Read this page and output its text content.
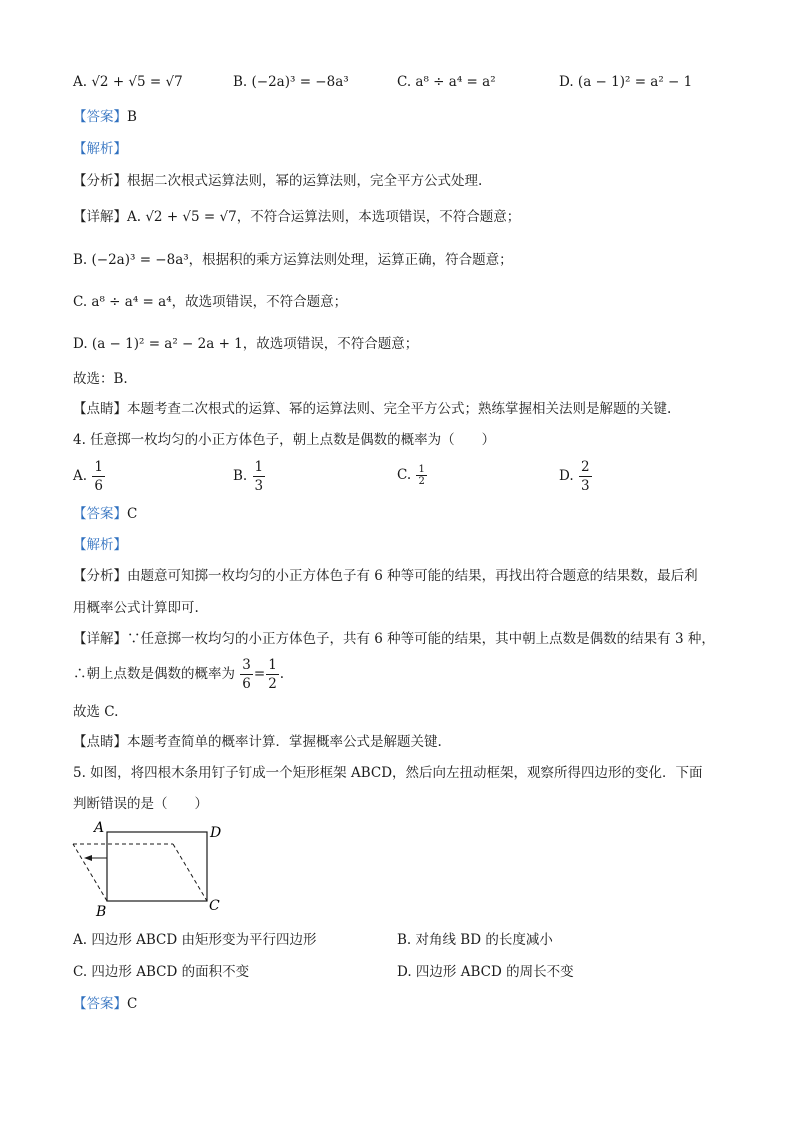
A. √2 + √5 = √7	B. (−2a)³ = −8a³	C. a⁸ ÷ a⁴ = a²	D. (a − 1)² = a² − 1
【答案】B
【解析】
【分析】根据二次根式运算法则，幂的运算法则，完全平方公式处理.
【详解】A. √2 + √5 = √7，不符合运算法则，本选项错误，不符合题意；
B. (−2a)³ = −8a³，根据积的乘方运算法则处理，运算正确，符合题意；
C. a⁸ ÷ a⁴ = a⁴，故选项错误，不符合题意；
D. (a − 1)² = a² − 2a + 1，故选项错误，不符合题意；
故选：B.
【点睛】本题考查二次根式的运算、幂的运算法则、完全平方公式；熟练掌握相关法则是解题的关键.
4. 任意掷一枚均匀的小正方体色子，朝上点数是偶数的概率为（　　）
A. $\frac{1}{6}$	B. $\frac{1}{3}$	C. $\frac{1}{2}$	D. $\frac{2}{3}$
【答案】C
【解析】
【分析】由题意可知掷一枚均匀的小正方体色子有 6 种等可能的结果，再找出符合题意的结果数，最后利
用概率公式计算即可.
【详解】∵任意掷一枚均匀的小正方体色子，共有 6 种等可能的结果，其中朝上点数是偶数的结果有 3 种，
∴朝上点数是偶数的概率为 $\frac{3}{6} = \frac{1}{2}$ .
故选 C.
【点睛】本题考查简单的概率计算．掌握概率公式是解题关键.
5. 如图，将四根木条用钉子钉成一个矩形框架 ABCD，然后向左扭动框架，观察所得四边形的变化．下面
判断错误的是（　　）
A
B	C
D
A. 四边形 ABCD 由矩形变为平行四边形	B. 对角线 BD 的长度减小
C. 四边形 ABCD 的面积不变	D. 四边形 ABCD 的周长不变
【答案】C
